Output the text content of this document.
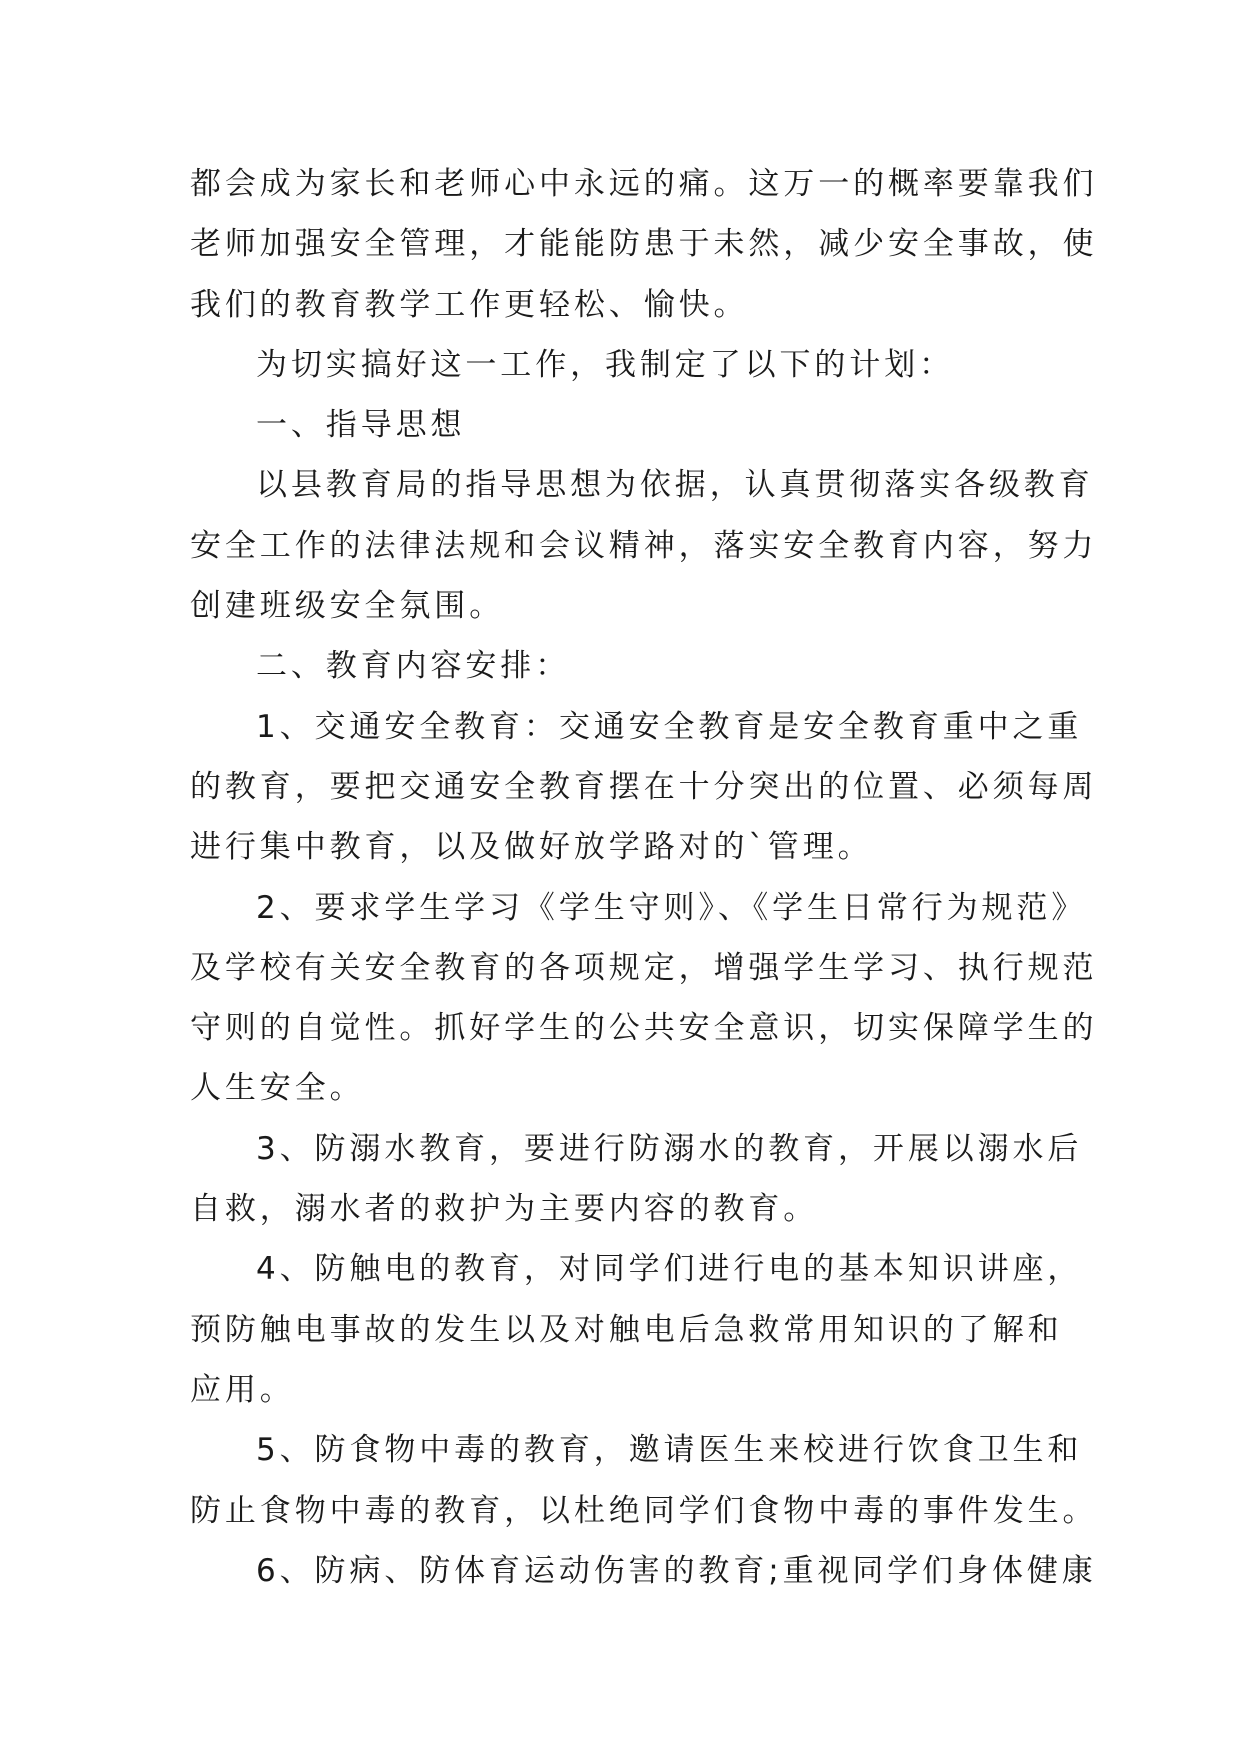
都会成为家长和老师心中永远的痛。这万一的概率要靠我们
老师加强安全管理，才能能防患于未然，减少安全事故，使
我们的教育教学工作更轻松、愉快。
为切实搞好这一工作，我制定了以下的计划：
一、指导思想
以县教育局的指导思想为依据，认真贯彻落实各级教育
安全工作的法律法规和会议精神，落实安全教育内容，努力
创建班级安全氛围。
二、教育内容安排：
1、交通安全教育：交通安全教育是安全教育重中之重
的教育，要把交通安全教育摆在十分突出的位置、必须每周
进行集中教育，以及做好放学路对的`管理。
2、要求学生学习《学生守则》、《学生日常行为规范》
及学校有关安全教育的各项规定，增强学生学习、执行规范
守则的自觉性。抓好学生的公共安全意识，切实保障学生的
人生安全。
3、防溺水教育，要进行防溺水的教育，开展以溺水后
自救，溺水者的救护为主要内容的教育。
4、防触电的教育，对同学们进行电的基本知识讲座，
预防触电事故的发生以及对触电后急救常用知识的了解和
应用。
5、防食物中毒的教育，邀请医生来校进行饮食卫生和
防止食物中毒的教育，以杜绝同学们食物中毒的事件发生。
6、防病、防体育运动伤害的教育;重视同学们身体健康
